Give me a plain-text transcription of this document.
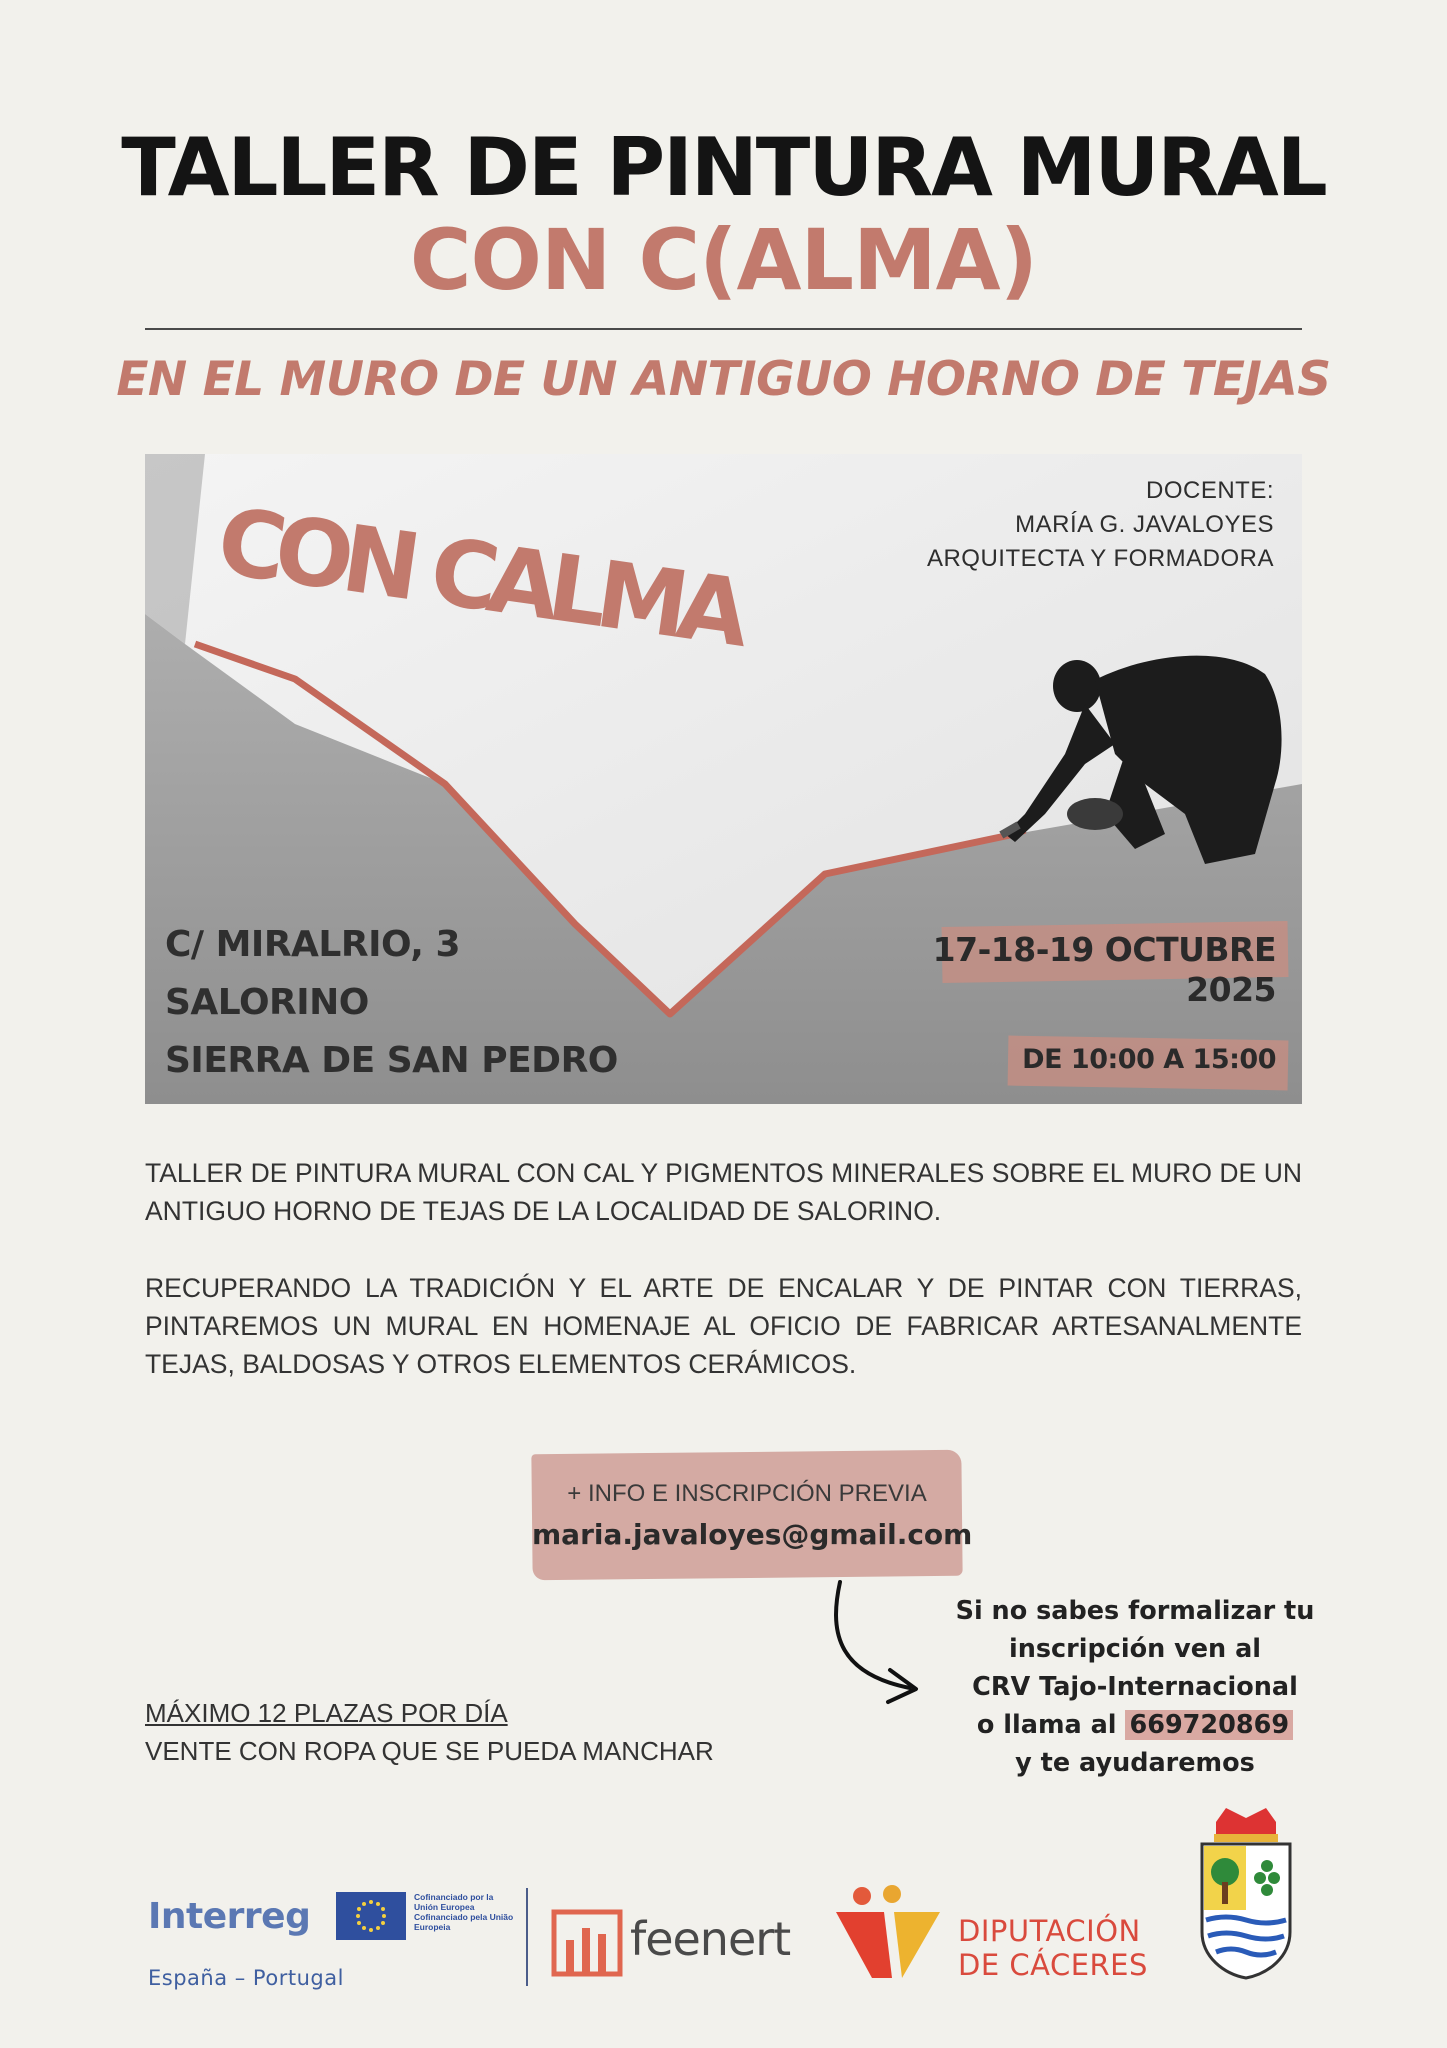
TALLER DE PINTURA MURAL
CON C(ALMA)
EN EL MURO DE UN ANTIGUO HORNO DE TEJAS
CON CALMA	DOCENTE:
MARÍA G. JAVALOYES
ARQUITECTA Y FORMADORA
C/ MIRALRIO, 3
SALORINO
SIERRA DE SAN PEDRO
17-18-19 OCTUBRE
2025
DE 10:00 A 15:00
TALLER DE PINTURA MURAL CON CAL Y PIGMENTOS MINERALES SOBRE EL MURO DE UN ANTIGUO HORNO DE TEJAS DE LA LOCALIDAD DE SALORINO.
RECUPERANDO LA TRADICIÓN Y EL ARTE DE ENCALAR Y DE PINTAR CON TIERRAS, PINTAREMOS UN MURAL EN HOMENAJE AL OFICIO DE FABRICAR ARTESANALMENTE TEJAS, BALDOSAS Y OTROS ELEMENTOS CERÁMICOS.
+ INFO E INSCRIPCIÓN PREVIA
maria.javaloyes@gmail.com
Si no sabes formalizar tu
inscripción ven al
CRV Tajo-Internacional
o llama al 669720869
y te ayudaremos
MÁXIMO 12 PLAZAS POR DÍA
VENTE CON ROPA QUE SE PUEDA MANCHAR
Interreg
España – Portugal
Cofinanciado por la Unión Europea
Cofinanciado pela União Europeia	feenert	DIPUTACIÓN
DE CÁCERES
